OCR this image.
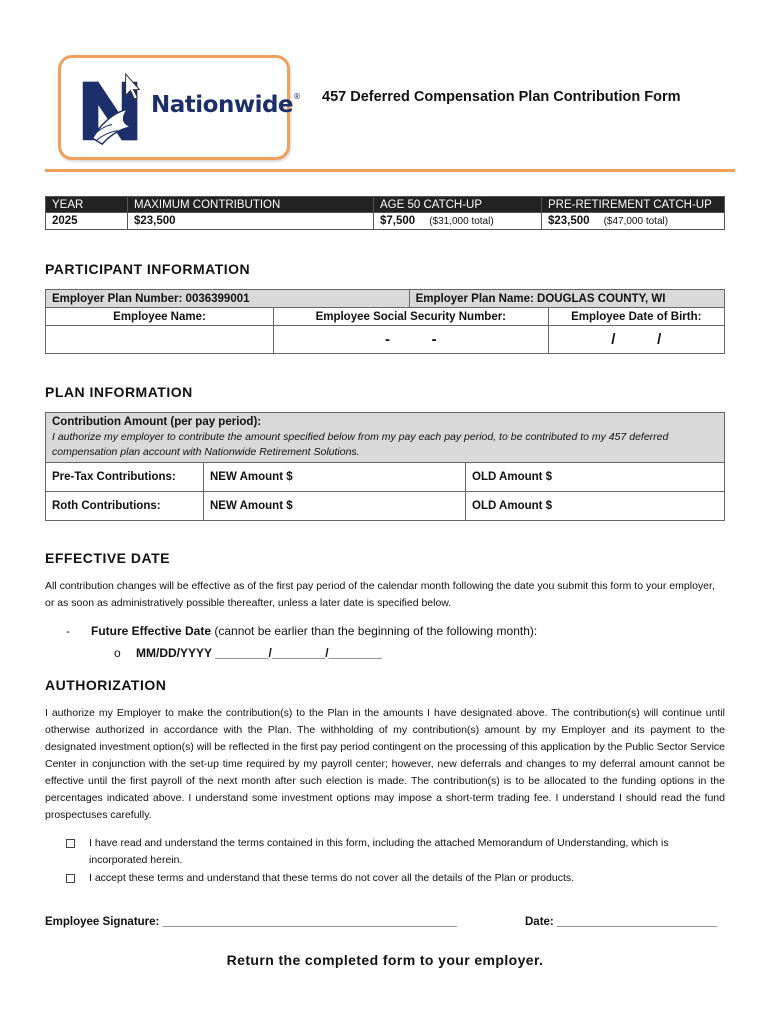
Nationwide® 457 Deferred Compensation Plan Contribution Form
YEAR	MAXIMUM CONTRIBUTION	AGE 50 CATCH-UP	PRE-RETIREMENT CATCH-UP
2025	$23,500	$7,500 ($31,000 total)	$23,500 ($47,000 total)
PARTICIPANT INFORMATION
Employer Plan Number: 0036399001		Employer Plan Name: DOUGLAS COUNTY, WI	
Employee Name:	Employee Social Security Number:		Employee Date of Birth:
	-          -		/          /
PLAN INFORMATION
Contribution Amount (per pay period):
I authorize my employer to contribute the amount specified below from my pay each pay period, to be contributed to my 457 deferred compensation plan account with Nationwide Retirement Solutions.		

Pre-Tax Contributions:	NEW Amount $	OLD Amount $
Roth Contributions:	NEW Amount $	OLD Amount $
EFFECTIVE DATE
All contribution changes will be effective as of the first pay period of the calendar month following the date you submit this form to your employer, or as soon as administratively possible thereafter, unless a later date is specified below.
- Future Effective Date (cannot be earlier than the beginning of the following month):
o MM/DD/YYYY ________/________/________
AUTHORIZATION
I authorize my Employer to make the contribution(s) to the Plan in the amounts I have designated above. The contribution(s) will continue until otherwise authorized in accordance with the Plan. The withholding of my contribution(s) amount by my Employer and its payment to the designated investment option(s) will be reflected in the first pay period contingent on the processing of this application by the Public Sector Service Center in conjunction with the set-up time required by my payroll center; however, new deferrals and changes to my deferral amount cannot be effective until the first payroll of the next month after such election is made. The contribution(s) is to be allocated to the funding options in the percentages indicated above. I understand some investment options may impose a short-term trading fee. I understand I should read the fund prospectuses carefully.
I have read and understand the terms contained in this form, including the attached Memorandum of Understanding, which is incorporated herein.
I accept these terms and understand that these terms do not cover all the details of the Plan or products.
Employee Signature: ______________________________________________	Date: _________________________
Return the completed form to your employer.
